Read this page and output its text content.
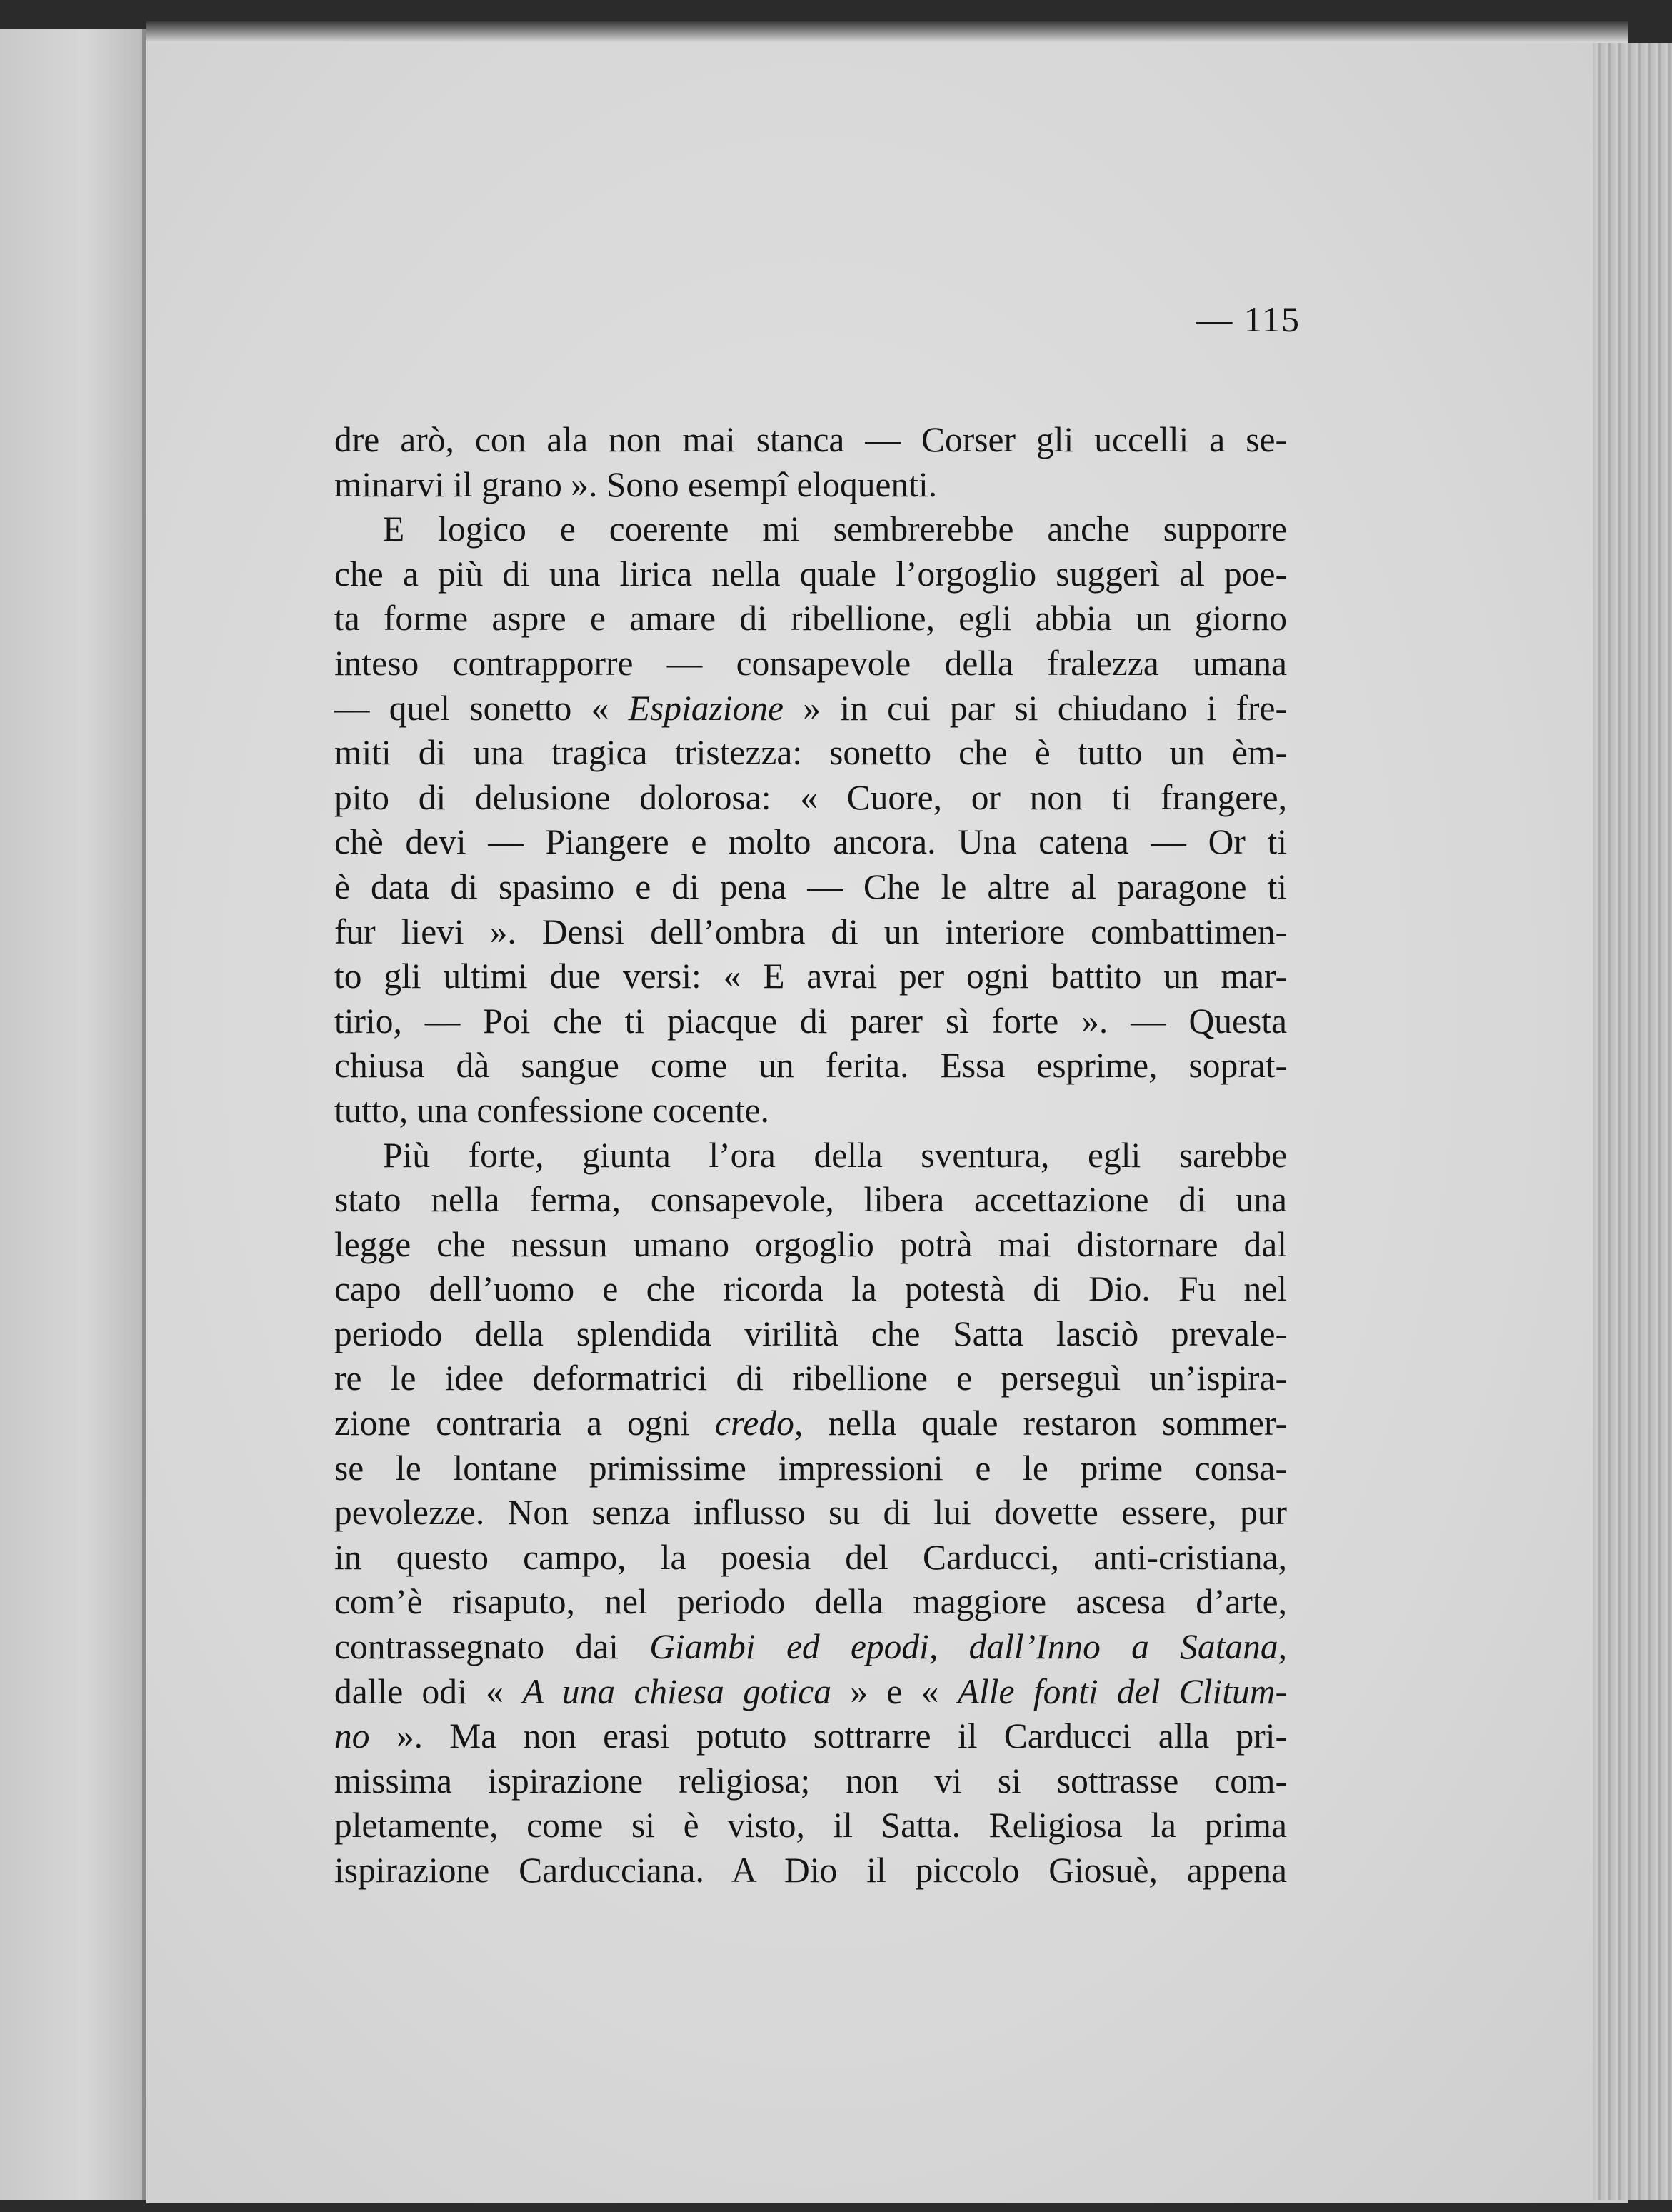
— 115
dre arò, con ala non mai stanca — Corser gli uccelli a se-
minarvi il grano ». Sono esempî eloquenti.
E logico e coerente mi sembrerebbe anche supporre
che a più di una lirica nella quale l’orgoglio suggerì al poe-
ta forme aspre e amare di ribellione, egli abbia un giorno
inteso contrapporre — consapevole della fralezza umana
— quel sonetto « Espiazione » in cui par si chiudano i fre-
miti di una tragica tristezza: sonetto che è tutto un èm-
pito di delusione dolorosa: « Cuore, or non ti frangere,
chè devi — Piangere e molto ancora. Una catena — Or ti
è data di spasimo e di pena — Che le altre al paragone ti
fur lievi ». Densi dell’ombra di un interiore combattimen-
to gli ultimi due versi: « E avrai per ogni battito un mar-
tirio, — Poi che ti piacque di parer sì forte ». — Questa
chiusa dà sangue come un ferita. Essa esprime, soprat-
tutto, una confessione cocente.
Più forte, giunta l’ora della sventura, egli sarebbe
stato nella ferma, consapevole, libera accettazione di una
legge che nessun umano orgoglio potrà mai distornare dal
capo dell’uomo e che ricorda la potestà di Dio. Fu nel
periodo della splendida virilità che Satta lasciò prevale-
re le idee deformatrici di ribellione e perseguì un’ispira-
zione contraria a ogni credo, nella quale restaron sommer-
se le lontane primissime impressioni e le prime consa-
pevolezze. Non senza influsso su di lui dovette essere, pur
in questo campo, la poesia del Carducci, anti-cristiana,
com’è risaputo, nel periodo della maggiore ascesa d’arte,
contrassegnato dai Giambi ed epodi, dall’Inno a Satana,
dalle odi « A una chiesa gotica » e « Alle fonti del Clitum-
no ». Ma non erasi potuto sottrarre il Carducci alla pri-
missima ispirazione religiosa; non vi si sottrasse com-
pletamente, come si è visto, il Satta. Religiosa la prima
ispirazione Carducciana. A Dio il piccolo Giosuè, appena
